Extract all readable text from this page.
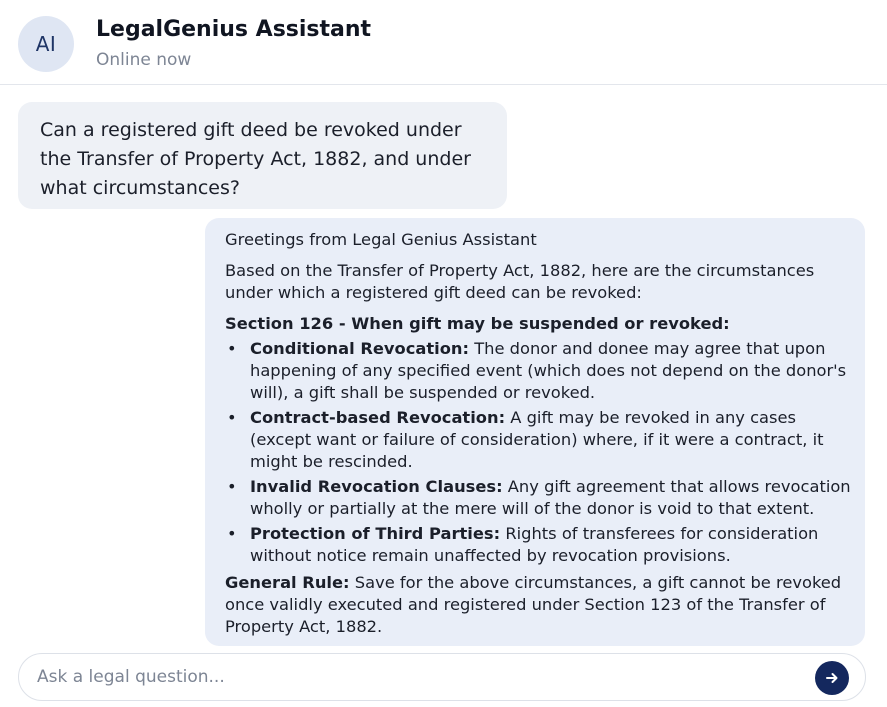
AI
LegalGenius Assistant
Online now
Can a registered gift deed be revoked under the Transfer of Property Act, 1882, and under what circumstances?

Greetings from Legal Genius Assistant

Based on the Transfer of Property Act, 1882, here are the circumstances under which a registered gift deed can be revoked:

Section 126 - When gift may be suspended or revoked:

• Conditional Revocation: The donor and donee may agree that upon happening of any specified event (which does not depend on the donor's will), a gift shall be suspended or revoked.
• Contract-based Revocation: A gift may be revoked in any cases (except want or failure of consideration) where, if it were a contract, it might be rescinded.
• Invalid Revocation Clauses: Any gift agreement that allows revocation wholly or partially at the mere will of the donor is void to that extent.
• Protection of Third Parties: Rights of transferees for consideration without notice remain unaffected by revocation provisions.

General Rule: Save for the above circumstances, a gift cannot be revoked once validly executed and registered under Section 123 of the Transfer of Property Act, 1882.

Ask a legal question...
